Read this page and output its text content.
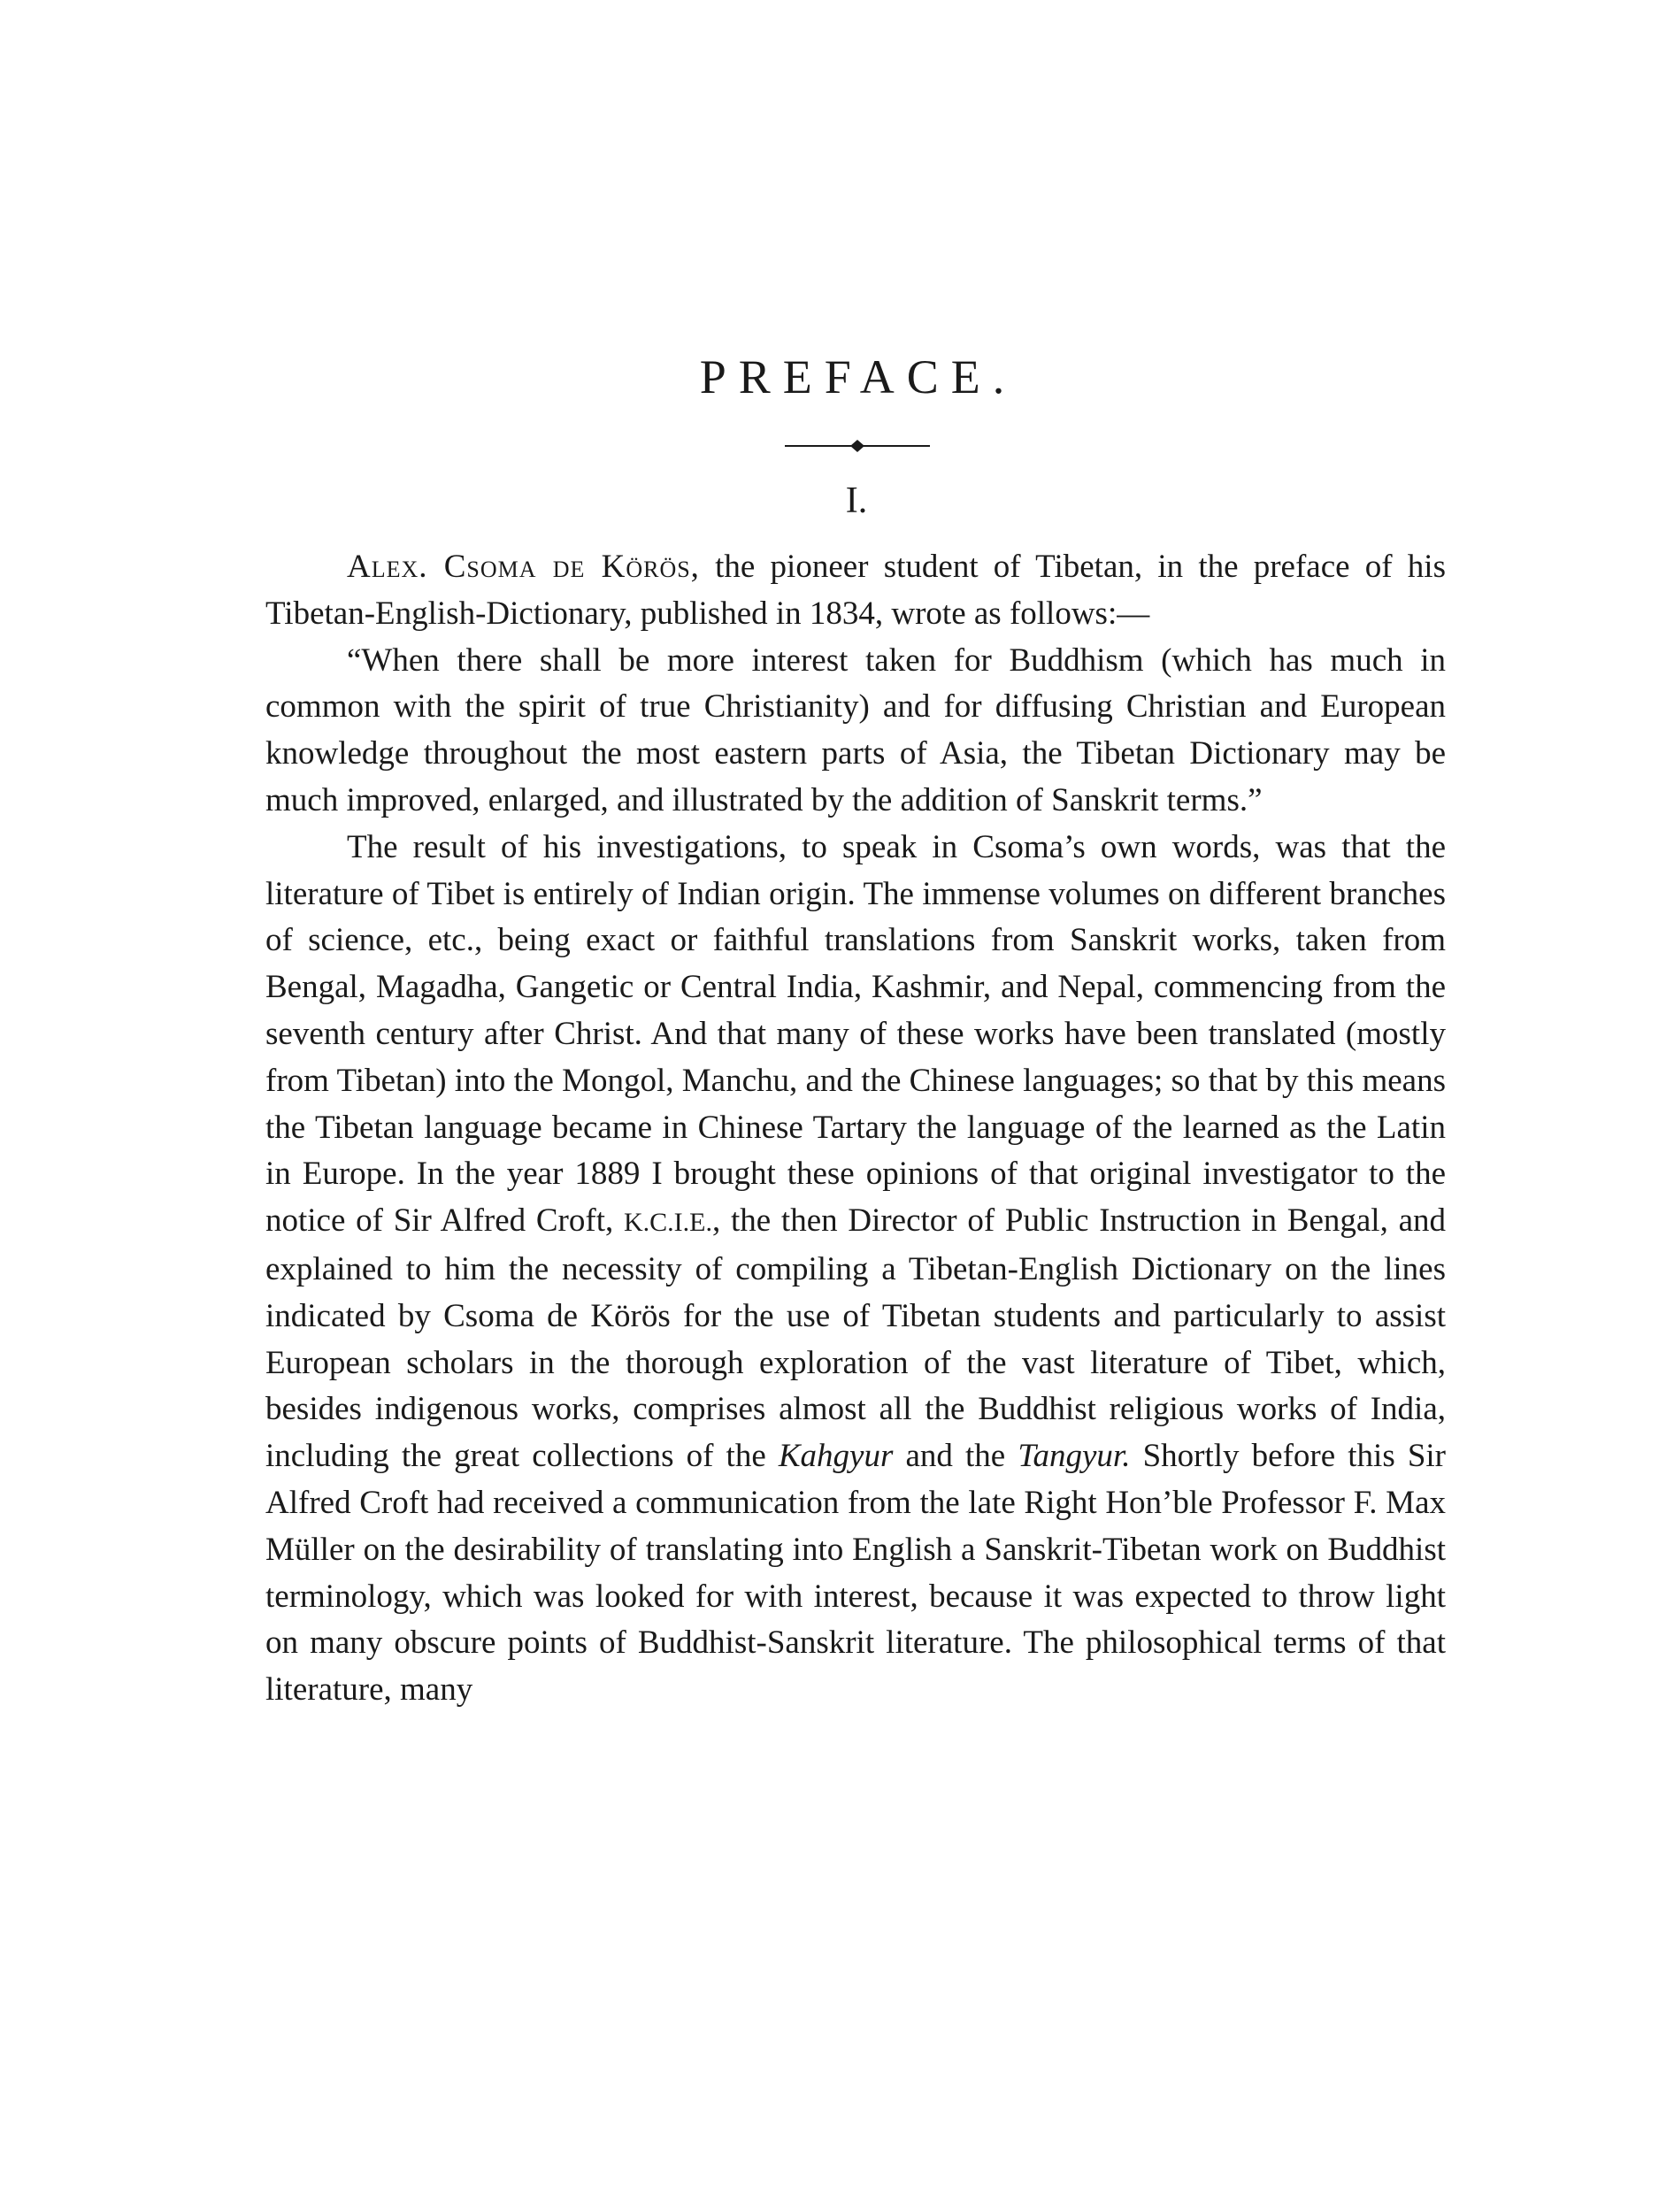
PREFACE.
I.

Alex. Csoma de Körös, the pioneer student of Tibetan, in the preface of his Tibetan-English-Dictionary, published in 1834, wrote as follows:—

“When there shall be more interest taken for Buddhism (which has much in common with the spirit of true Christianity) and for diffusing Christian and European knowledge throughout the most eastern parts of Asia, the Tibetan Dictionary may be much improved, enlarged, and illustrated by the addition of Sanskrit terms.”

The result of his investigations, to speak in Csoma’s own words, was that the literature of Tibet is entirely of Indian origin. The immense volumes on different branches of science, etc., being exact or faithful translations from Sanskrit works, taken from Bengal, Magadha, Gangetic or Central India, Kashmir, and Nepal, commencing from the seventh century after Christ. And that many of these works have been translated (mostly from Tibetan) into the Mongol, Manchu, and the Chinese languages; so that by this means the Tibetan language became in Chinese Tartary the language of the learned as the Latin in Europe. In the year 1889 I brought these opinions of that original investigator to the notice of Sir Alfred Croft, K.C.I.E., the then Director of Public Instruction in Bengal, and explained to him the necessity of compiling a Tibetan-English Dictionary on the lines indicated by Csoma de Körös for the use of Tibetan students and particularly to assist European scholars in the thorough exploration of the vast literature of Tibet, which, besides indigenous works, comprises almost all the Buddhist religious works of India, including the great collections of the Kahgyur and the Tangyur. Shortly before this Sir Alfred Croft had received a communication from the late Right Hon’ble Professor F. Max Müller on the desirability of translating into English a Sanskrit-Tibetan work on Buddhist terminology, which was looked for with interest, because it was expected to throw light on many obscure points of Buddhist-Sanskrit literature. The philosophical terms of that literature, many
